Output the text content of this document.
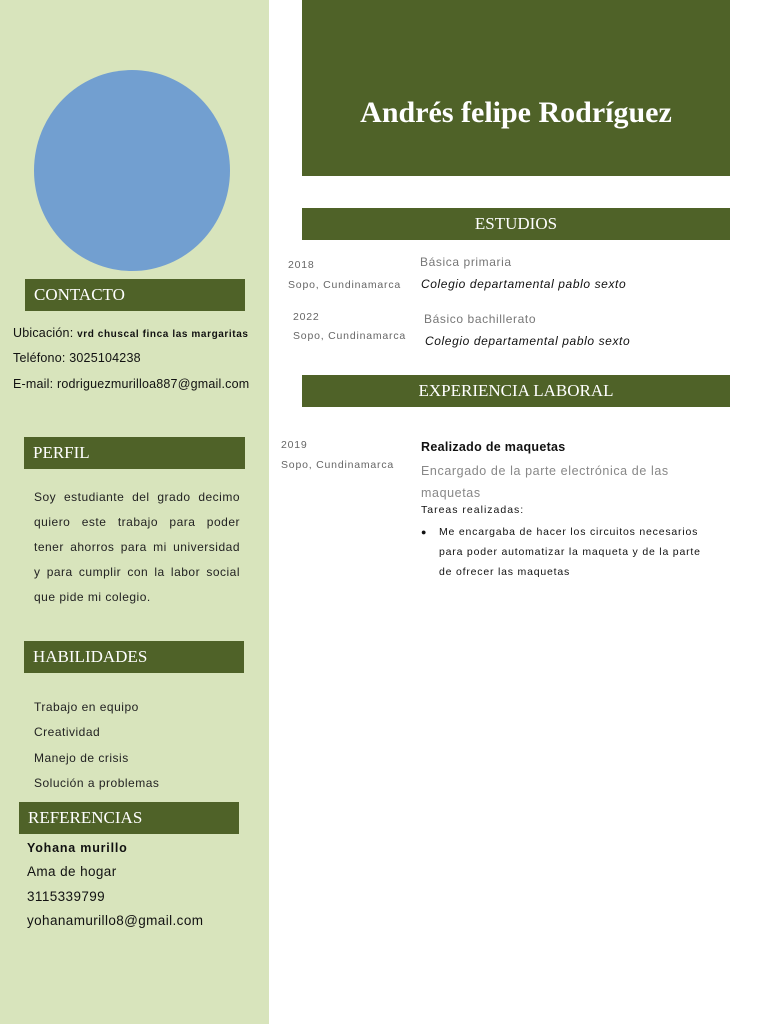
CONTACTO
Ubicación: vrd chuscal finca las margaritas
Teléfono: 3025104238
E-mail: rodriguezmurilloa887@gmail.com
PERFIL

Soy estudiante del grado decimo quiero este trabajo para poder tener ahorros para mi universidad y para cumplir con la labor social que pide mi colegio.

HABILIDADES
Trabajo en equipo
Creatividad
Manejo de crisis
Solución a problemas
REFERENCIAS
Yohana murillo
Ama de hogar
3115339799
yohanamurillo8@gmail.com
Andrés felipe Rodríguez
ESTUDIOS
2018
Sopo, Cundinamarca
Básica primaria
Colegio departamental pablo sexto
2022
Sopo, Cundinamarca
Básico bachillerato
Colegio departamental pablo sexto
EXPERIENCIA LABORAL
2019
Sopo, Cundinamarca
Realizado de maquetas
Encargado de la parte electrónica de las maquetas
Tareas realizadas:
● Me encargaba de hacer los circuitos necesarios para poder automatizar la maqueta y de la parte de ofrecer las maquetas
